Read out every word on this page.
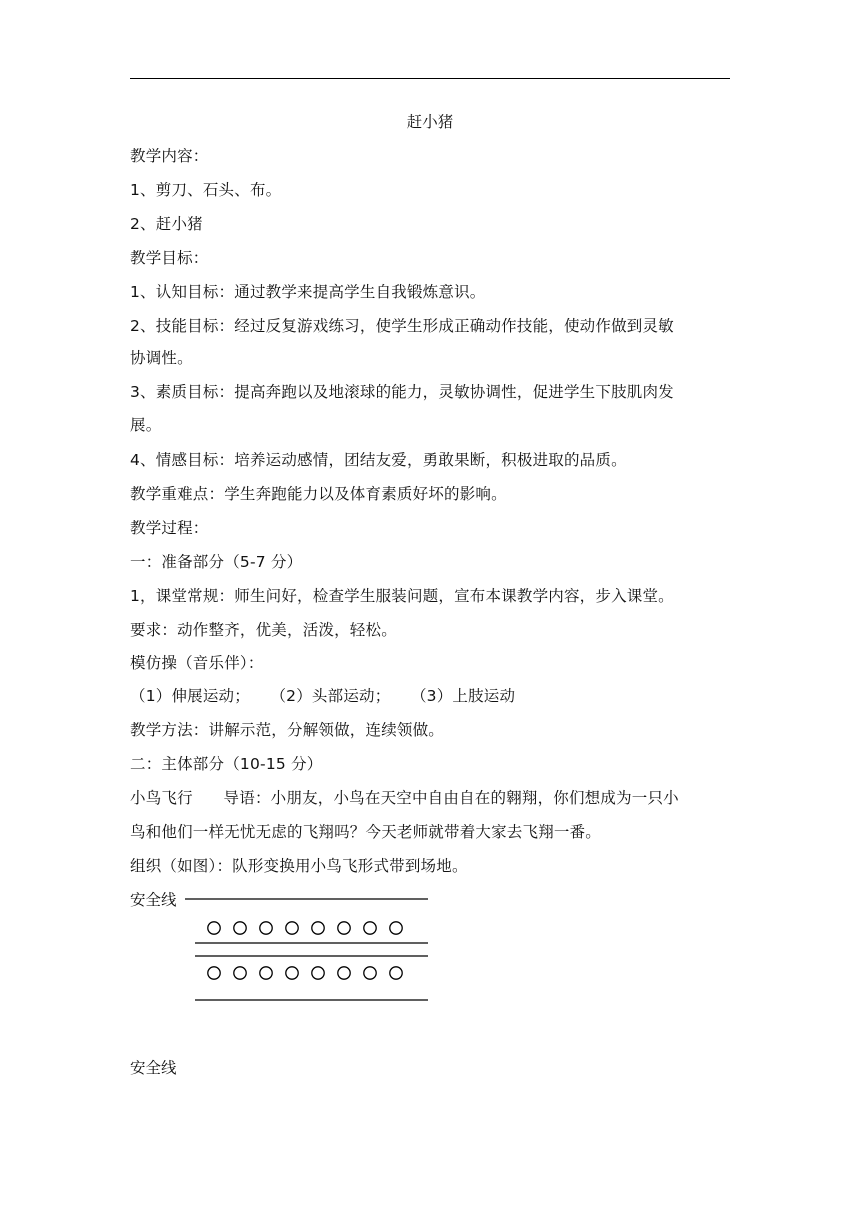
赶小猪
教学内容：
1、剪刀、石头、布。
2、赶小猪
教学目标：
1、认知目标：通过教学来提高学生自我锻炼意识。
2、技能目标：经过反复游戏练习，使学生形成正确动作技能，使动作做到灵敏
协调性。
3、素质目标：提高奔跑以及地滚球的能力，灵敏协调性，促进学生下肢肌肉发
展。
4、情感目标：培养运动感情，团结友爱，勇敢果断，积极进取的品质。
教学重难点：学生奔跑能力以及体育素质好坏的影响。
教学过程：
一：准备部分（5-7 分）
1，课堂常规：师生问好，检查学生服装问题，宣布本课教学内容，步入课堂。
要求：动作整齐，优美，活泼，轻松。
模仿操（音乐伴）：
（1）伸展运动；    （2）头部运动；    （3）上肢运动
教学方法：讲解示范，分解领做，连续领做。
二：主体部分（10-15 分）
小鸟飞行      导语：小朋友，小鸟在天空中自由自在的翱翔，你们想成为一只小
鸟和他们一样无忧无虑的飞翔吗？今天老师就带着大家去飞翔一番。
组织（如图）：队形变换用小鸟飞形式带到场地。
安全线
安全线
